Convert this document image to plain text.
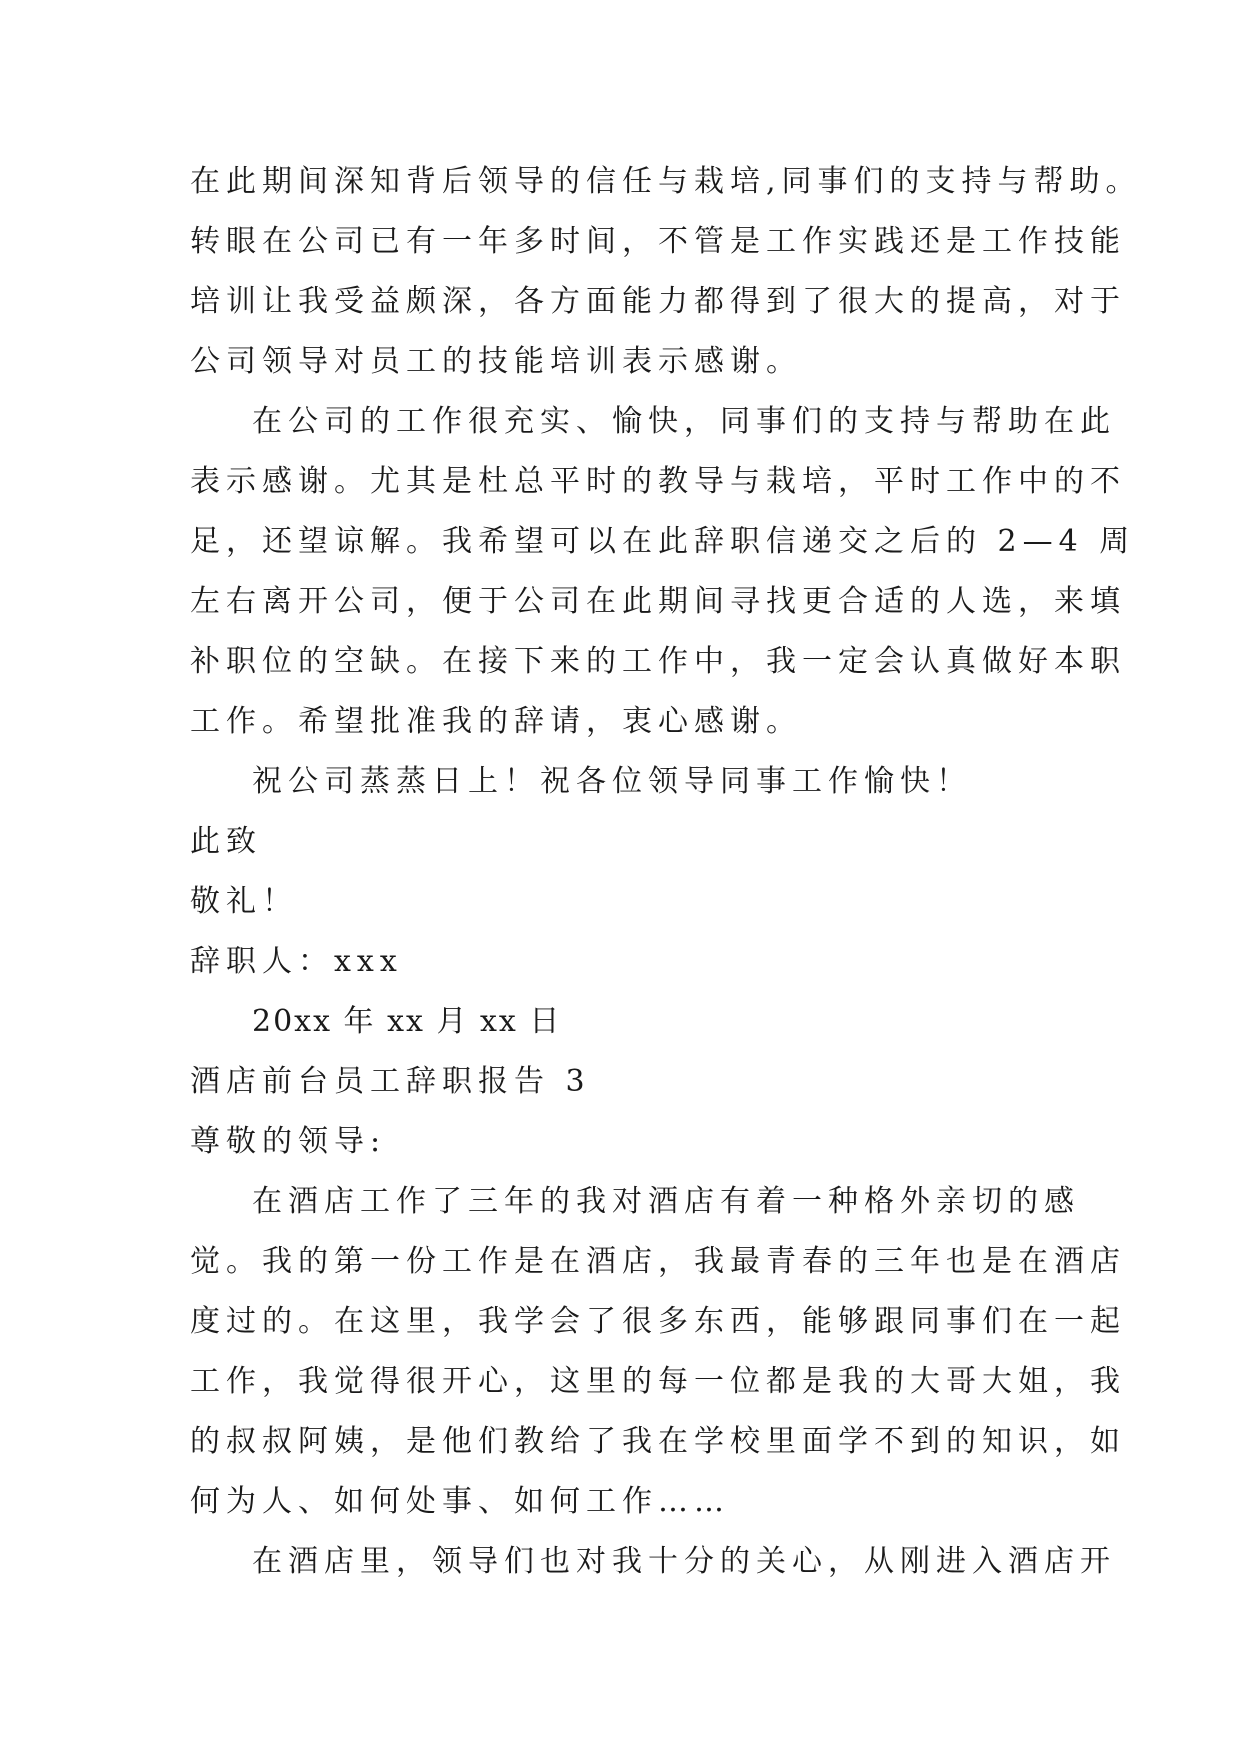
在此期间深知背后领导的信任与栽培,同事们的支持与帮助。
转眼在公司已有一年多时间，不管是工作实践还是工作技能
培训让我受益颇深，各方面能力都得到了很大的提高，对于
公司领导对员工的技能培训表示感谢。
在公司的工作很充实、愉快，同事们的支持与帮助在此
表示感谢。尤其是杜总平时的教导与栽培，平时工作中的不
足，还望谅解。我希望可以在此辞职信递交之后的 2—4 周
左右离开公司，便于公司在此期间寻找更合适的人选，来填
补职位的空缺。在接下来的工作中，我一定会认真做好本职
工作。希望批准我的辞请，衷心感谢。
祝公司蒸蒸日上！祝各位领导同事工作愉快！
此致
敬礼！
辞职人：xxx
20xx 年 xx 月 xx 日
酒店前台员工辞职报告 3
尊敬的领导:
在酒店工作了三年的我对酒店有着一种格外亲切的感
觉。我的第一份工作是在酒店，我最青春的三年也是在酒店
度过的。在这里，我学会了很多东西，能够跟同事们在一起
工作，我觉得很开心，这里的每一位都是我的大哥大姐，我
的叔叔阿姨，是他们教给了我在学校里面学不到的知识，如
何为人、如何处事、如何工作……
在酒店里，领导们也对我十分的关心，从刚进入酒店开
